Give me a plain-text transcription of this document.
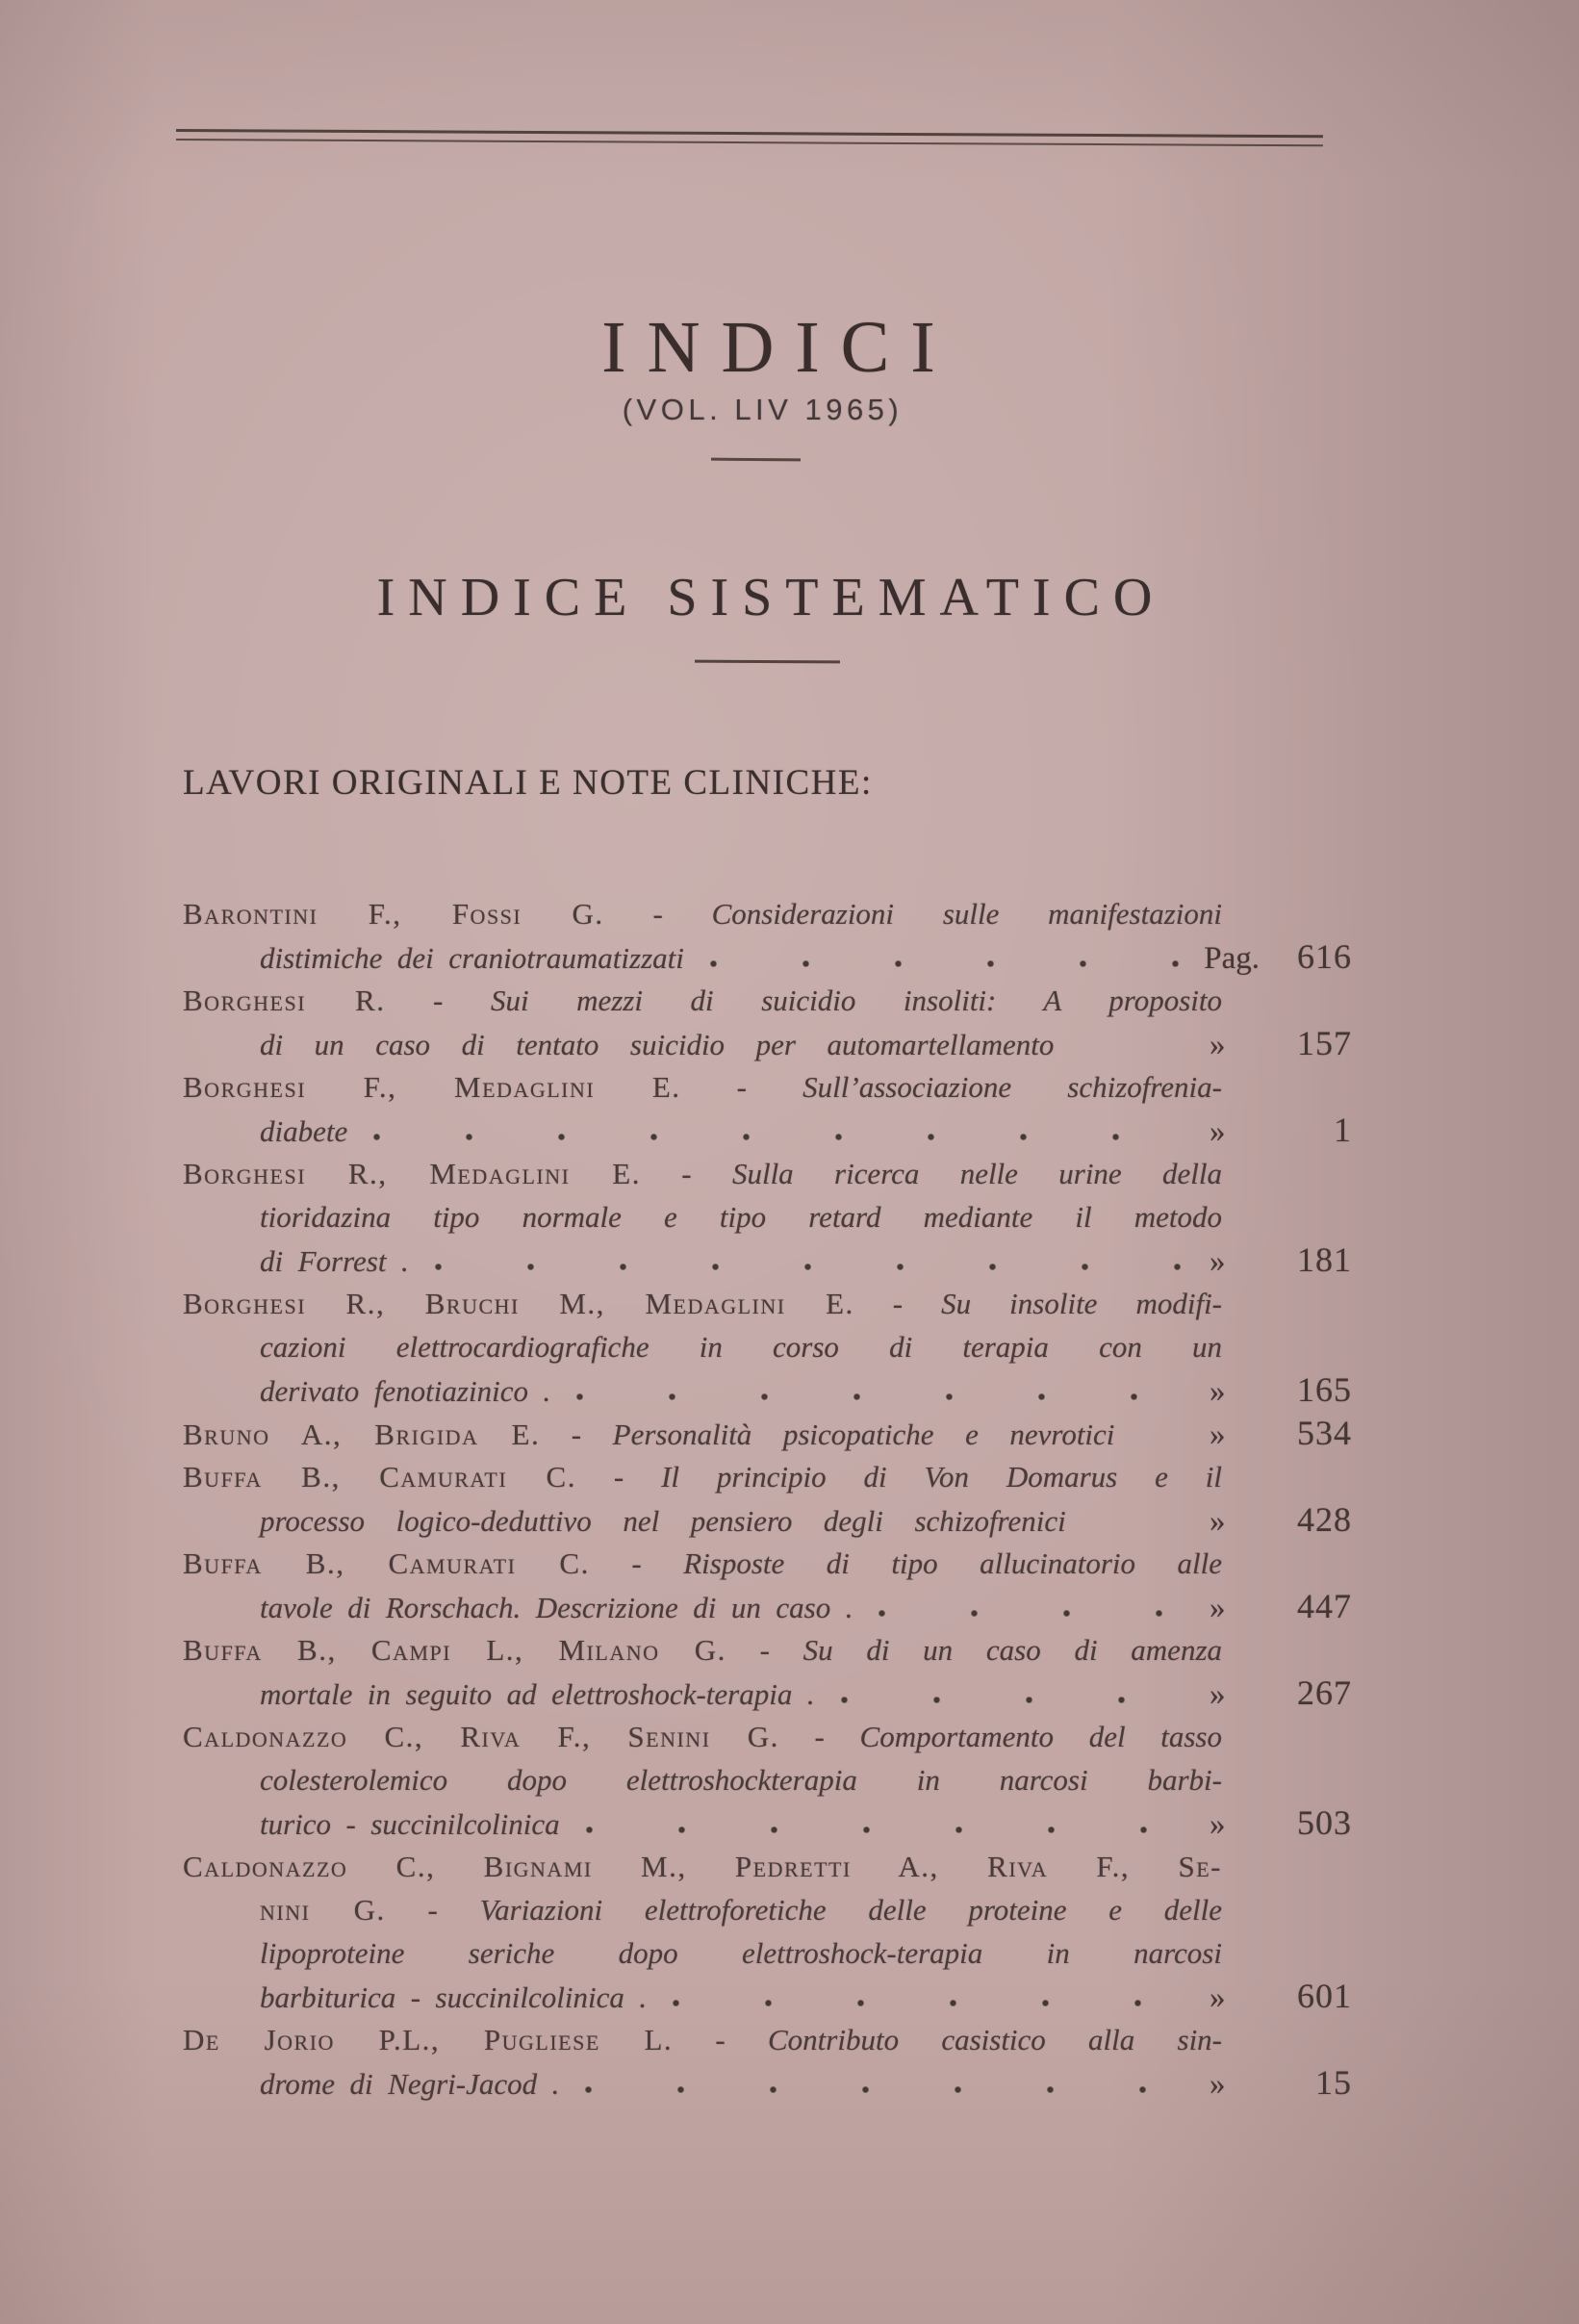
INDICI
(VOL. LIV 1965)
INDICE SISTEMATICO
LAVORI ORIGINALI E NOTE CLINICHE:
Barontini F., Fossi G. - Considerazioni sulle manifestazioni
distimiche dei craniotraumatizzati	Pag.	616
Borghesi R. - Sui mezzi di suicidio insoliti: A proposito
di un caso di tentato suicidio per automartellamento	»	157
Borghesi F., Medaglini E. - Sull’associazione schizofrenia-
diabete	»	1
Borghesi R., Medaglini E. - Sulla ricerca nelle urine della
tioridazina tipo normale e tipo retard mediante il metodo
di Forrest .	»	181
Borghesi R., Bruchi M., Medaglini E. - Su insolite modifi-
cazioni elettrocardiografiche in corso di terapia con un
derivato fenotiazinico .	»	165
Bruno A., Brigida E. - Personalità psicopatiche e nevrotici	»	534
Buffa B., Camurati C. - Il principio di Von Domarus e il
processo logico-deduttivo nel pensiero degli schizofrenici	»	428
Buffa B., Camurati C. - Risposte di tipo allucinatorio alle
tavole di Rorschach. Descrizione di un caso .	»	447
Buffa B., Campi L., Milano G. - Su di un caso di amenza
mortale in seguito ad elettroshock-terapia .	»	267
Caldonazzo C., Riva F., Senini G. - Comportamento del tasso
colesterolemico dopo elettroshockterapia in narcosi barbi-
turico - succinilcolinica	»	503
Caldonazzo C., Bignami M., Pedretti A., Riva F., Se-
nini G. - Variazioni elettroforetiche delle proteine e delle
lipoproteine seriche dopo elettroshock-terapia in narcosi
barbiturica - succinilcolinica .	»	601
De Jorio P.L., Pugliese L. - Contributo casistico alla sin-
drome di Negri-Jacod .	»	15
